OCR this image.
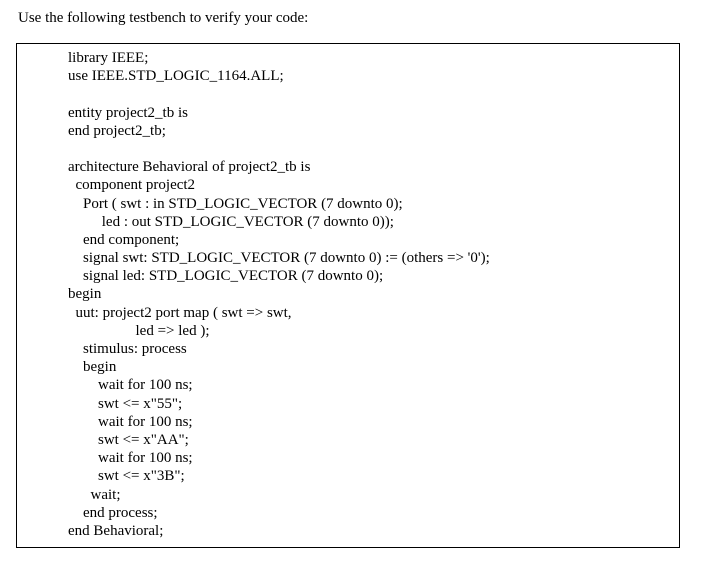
Use the following testbench to verify your code:
library IEEE;
use IEEE.STD_LOGIC_1164.ALL;
entity project2_tb is
end project2_tb;
architecture Behavioral of project2_tb is
component project2
Port ( swt : in STD_LOGIC_VECTOR (7 downto 0);
led : out STD_LOGIC_VECTOR (7 downto 0));
end component;
signal swt: STD_LOGIC_VECTOR (7 downto 0) := (others => '0');
signal led: STD_LOGIC_VECTOR (7 downto 0);
begin
uut: project2 port map ( swt => swt,
led => led );
stimulus: process
begin
wait for 100 ns;
swt <= x"55";
wait for 100 ns;
swt <= x"AA";
wait for 100 ns;
swt <= x"3B";
wait;
end process;
end Behavioral;
